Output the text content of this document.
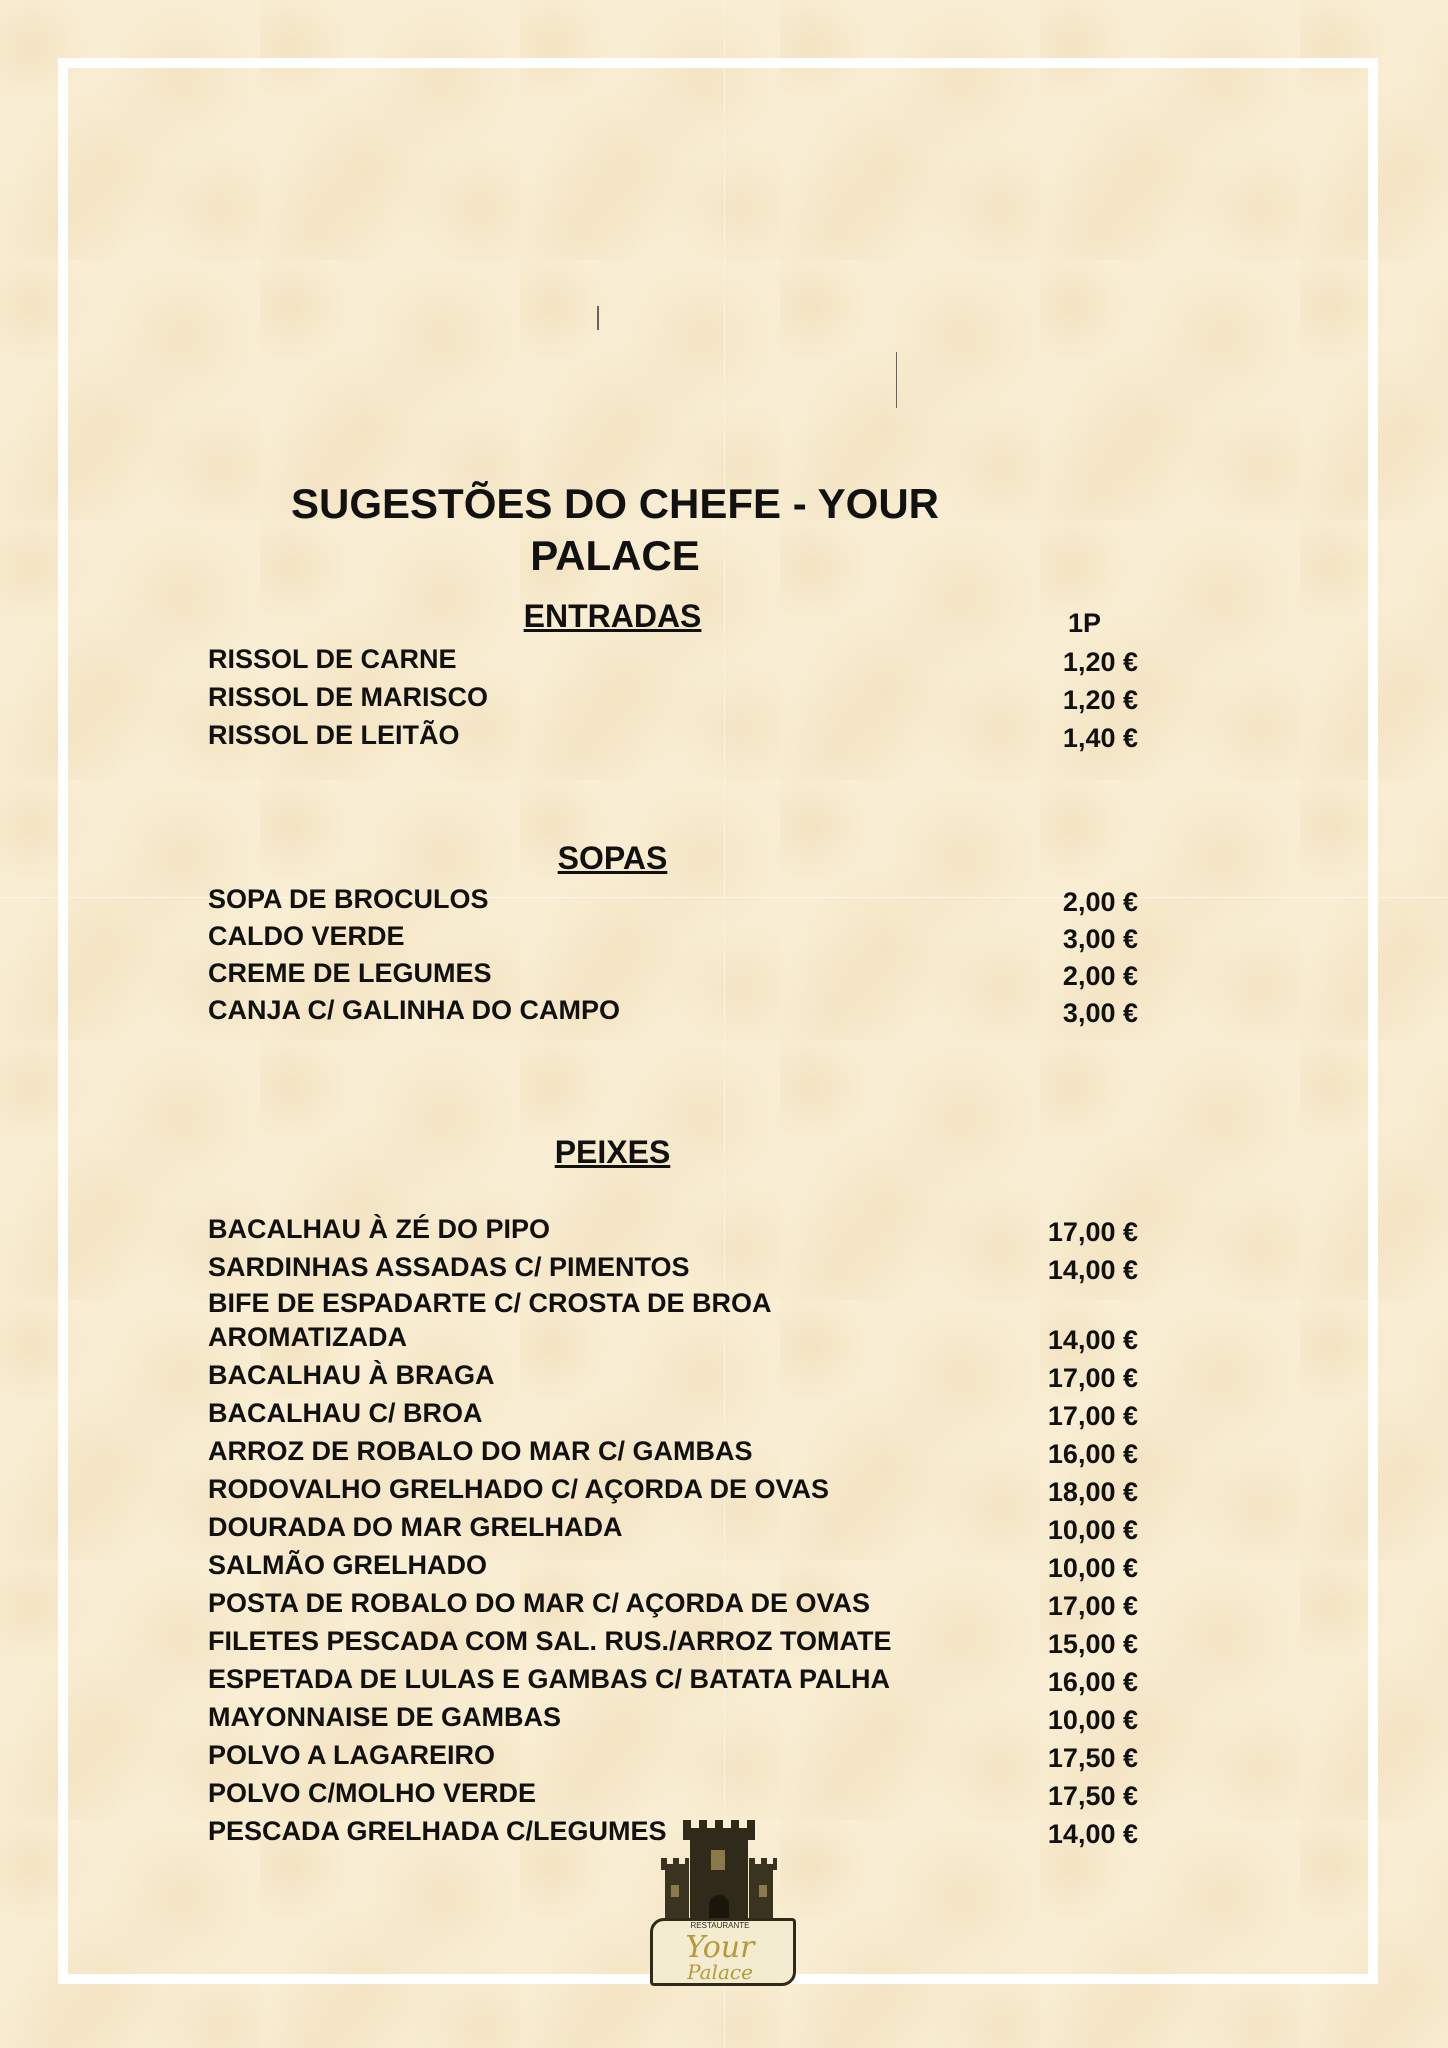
SUGESTÕES DO CHEFE - YOUR
PALACE
ENTRADAS	1P
RISSOL DE CARNE	1,20 €
RISSOL DE MARISCO	1,20 €
RISSOL DE LEITÃO	1,40 €
SOPAS
SOPA DE BROCULOS	2,00 €
CALDO VERDE	3,00 €
CREME DE LEGUMES	2,00 €
CANJA C/ GALINHA DO CAMPO	3,00 €
PEIXES
BACALHAU À ZÉ DO PIPO	17,00 €
SARDINHAS ASSADAS C/ PIMENTOS	14,00 €
BIFE DE ESPADARTE C/ CROSTA DE BROA
AROMATIZADA	14,00 €
BACALHAU À BRAGA	17,00 €
BACALHAU C/ BROA	17,00 €
ARROZ DE ROBALO DO MAR C/ GAMBAS	16,00 €
RODOVALHO GRELHADO C/ AÇORDA DE OVAS	18,00 €
DOURADA DO MAR GRELHADA	10,00 €
SALMÃO GRELHADO	10,00 €
POSTA DE ROBALO DO MAR C/ AÇORDA DE OVAS	17,00 €
FILETES PESCADA COM SAL. RUS./ARROZ TOMATE	15,00 €
ESPETADA DE LULAS E GAMBAS C/ BATATA PALHA	16,00 €
MAYONNAISE DE GAMBAS	10,00 €
POLVO A LAGAREIRO	17,50 €
POLVO C/MOLHO VERDE	17,50 €
PESCADA GRELHADA C/LEGUMES	14,00 €
RESTAURANTE
Your
Palace
